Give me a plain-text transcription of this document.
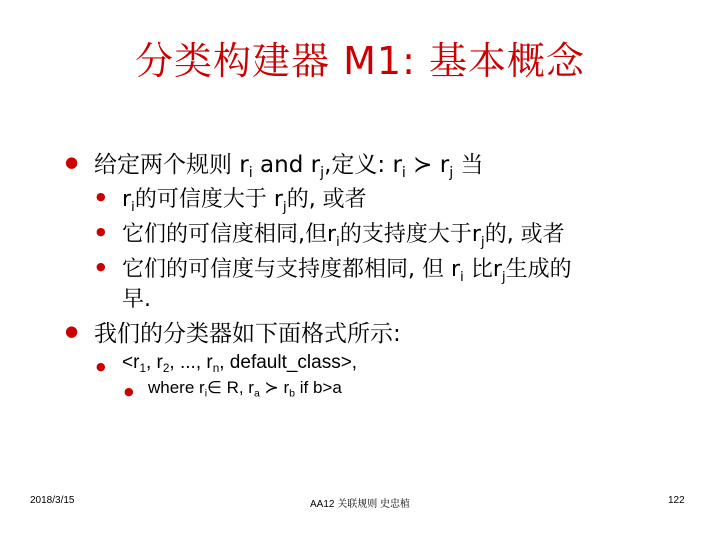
分类构建器 M1: 基本概念
● 给定两个规则 $r_i$ and $r_j$,定义: $r_i$ ≻ $r_j$ 当
● $r_i$的可信度大于 $r_j$的, 或者
● 它们的可信度相同,但$r_i$的支持度大于$r_j$的, 或者
● 它们的可信度与支持度都相同, 但 $r_i$ 比$r_j$生成的
早.
● 我们的分类器如下面格式所示:
● $<r_1$, $r_2$, ..., $r_n$, default_class>,
● where $r_i\in$ R, $r_a$ ≻ $r_b$ if b>a
2018/3/15	AA12 关联规则 史忠植	122
